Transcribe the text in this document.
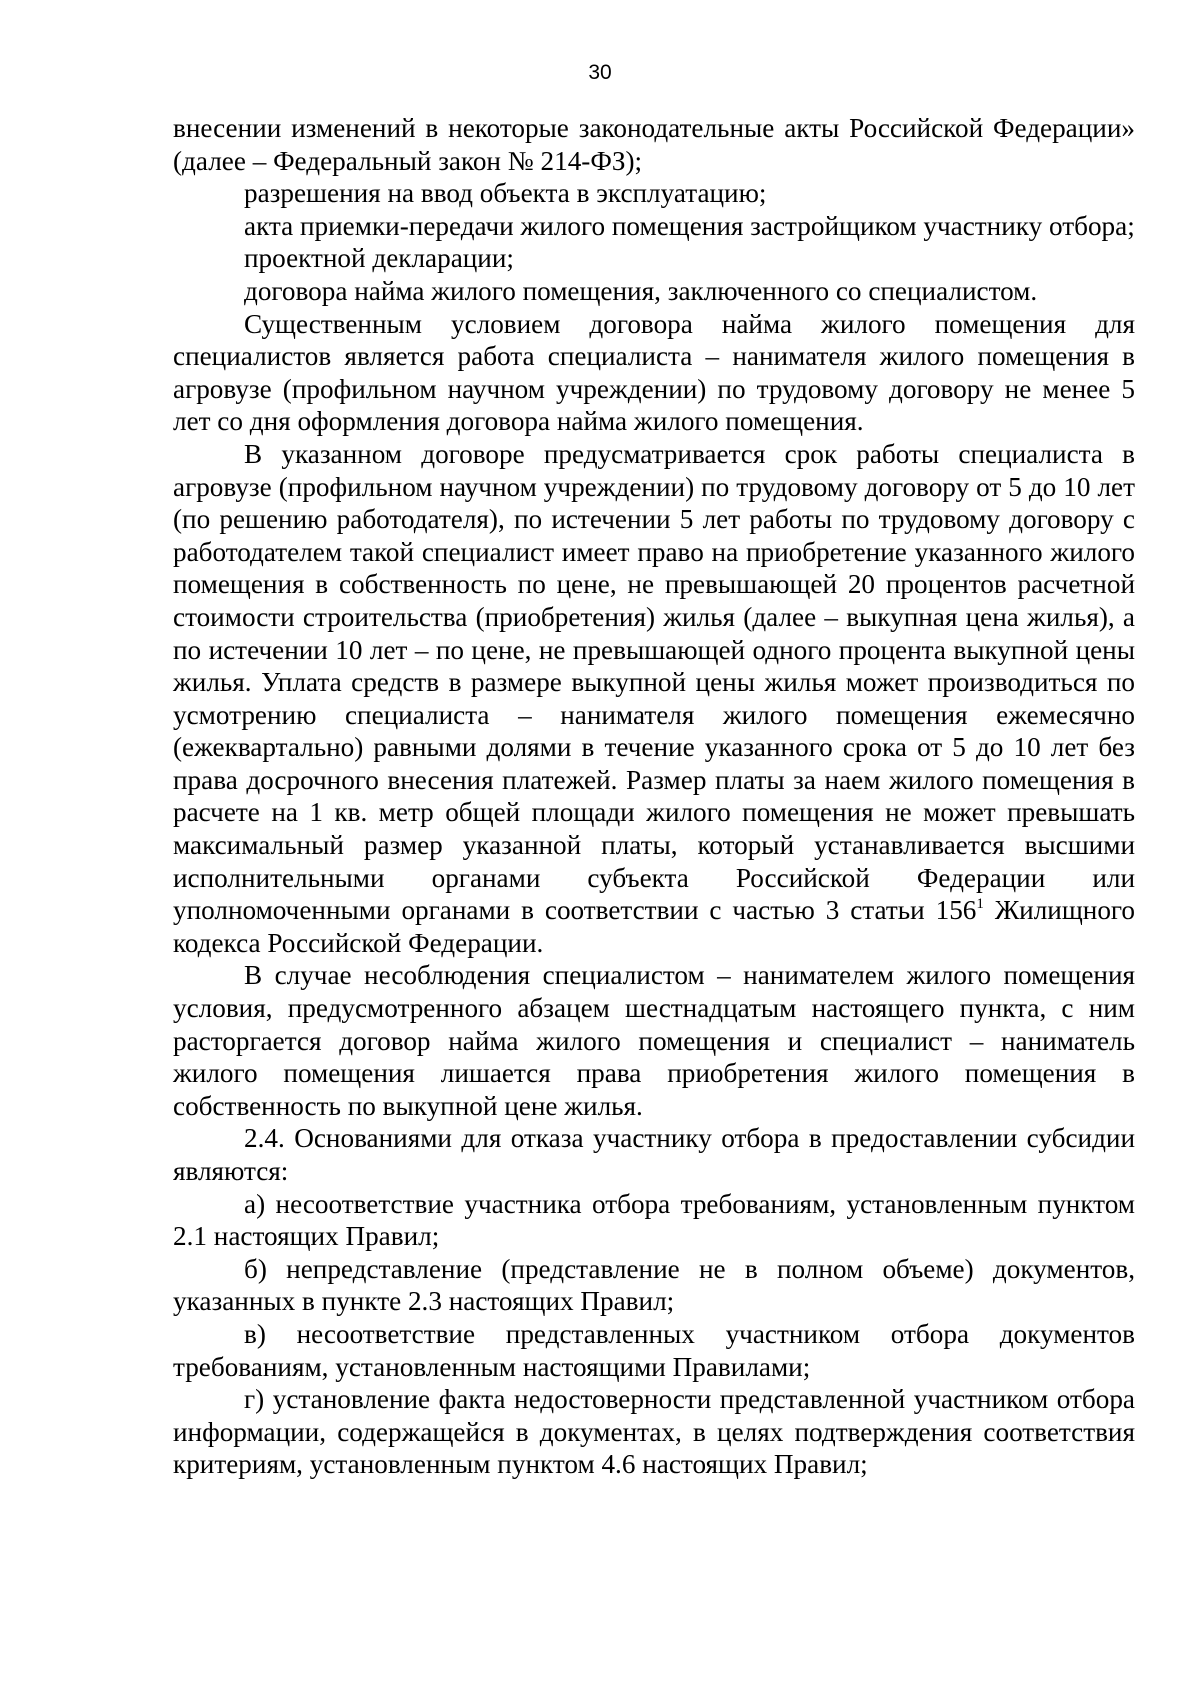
30

внесении изменений в некоторые законодательные акты Российской Федерации» (далее – Федеральный закон № 214-ФЗ);

разрешения на ввод объекта в эксплуатацию;

акта приемки-передачи жилого помещения застройщиком участнику отбора;

проектной декларации;

договора найма жилого помещения, заключенного со специалистом.

Существенным условием договора найма жилого помещения для специалистов является работа специалиста – нанимателя жилого помещения в агровузе (профильном научном учреждении) по трудовому договору не менее 5 лет со дня оформления договора найма жилого помещения.

В указанном договоре предусматривается срок работы специалиста в агровузе (профильном научном учреждении) по трудовому договору от 5 до 10 лет (по решению работодателя), по истечении 5 лет работы по трудовому договору с работодателем такой специалист имеет право на приобретение указанного жилого помещения в собственность по цене, не превышающей 20 процентов расчетной стоимости строительства (приобретения) жилья (далее – выкупная цена жилья), а по истечении 10 лет – по цене, не превышающей одного процента выкупной цены жилья. Уплата средств в размере выкупной цены жилья может производиться по усмотрению специалиста – нанимателя жилого помещения ежемесячно (ежеквартально) равными долями в течение указанного срока от 5 до 10 лет без права досрочного внесения платежей. Размер платы за наем жилого помещения в расчете на 1 кв. метр общей площади жилого помещения не может превышать максимальный размер указанной платы, который устанавливается высшими исполнительными органами субъекта Российской Федерации или уполномоченными органами в соответствии с частью 3 статьи $156^1$ Жилищного кодекса Российской Федерации.

В случае несоблюдения специалистом – нанимателем жилого помещения условия, предусмотренного абзацем шестнадцатым настоящего пункта, с ним расторгается договор найма жилого помещения и специалист – наниматель жилого помещения лишается права приобретения жилого помещения в собственность по выкупной цене жилья.

2.4. Основаниями для отказа участнику отбора в предоставлении субсидии являются:

а) несоответствие участника отбора требованиям, установленным пунктом 2.1 настоящих Правил;

б) непредставление (представление не в полном объеме) документов, указанных в пункте 2.3 настоящих Правил;

в) несоответствие представленных участником отбора документов требованиям, установленным настоящими Правилами;

г) установление факта недостоверности представленной участником отбора информации, содержащейся в документах, в целях подтверждения соответствия критериям, установленным пунктом 4.6 настоящих Правил;
